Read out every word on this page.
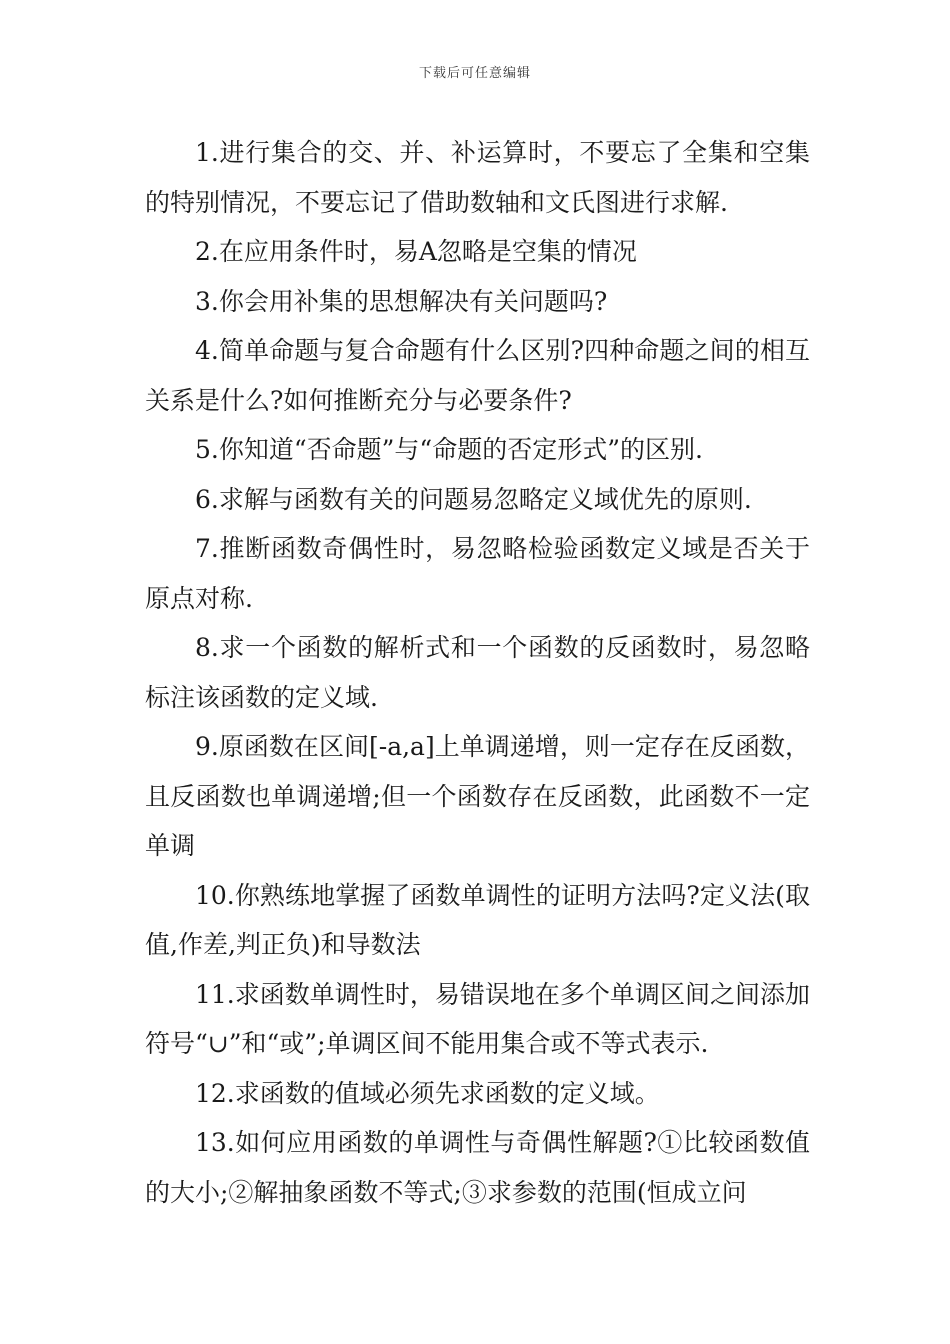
下载后可任意编辑

1.进行集合的交、并、补运算时，不要忘了全集和空集的特别情况，不要忘记了借助数轴和文氏图进行求解.

2.在应用条件时，易A忽略是空集的情况

3.你会用补集的思想解决有关问题吗?

4.简单命题与复合命题有什么区别?四种命题之间的相互关系是什么?如何推断充分与必要条件?

5.你知道“否命题”与“命题的否定形式”的区别.

6.求解与函数有关的问题易忽略定义域优先的原则.

7.推断函数奇偶性时，易忽略检验函数定义域是否关于原点对称.

8.求一个函数的解析式和一个函数的反函数时，易忽略标注该函数的定义域.

9.原函数在区间[-a,a]上单调递增，则一定存在反函数，且反函数也单调递增;但一个函数存在反函数，此函数不一定单调

10.你熟练地掌握了函数单调性的证明方法吗?定义法(取值,作差,判正负)和导数法

11.求函数单调性时，易错误地在多个单调区间之间添加符号“∪”和“或”;单调区间不能用集合或不等式表示.

12.求函数的值域必须先求函数的定义域。

13.如何应用函数的单调性与奇偶性解题?①比较函数值的大小;②解抽象函数不等式;③求参数的范围(恒成立问
